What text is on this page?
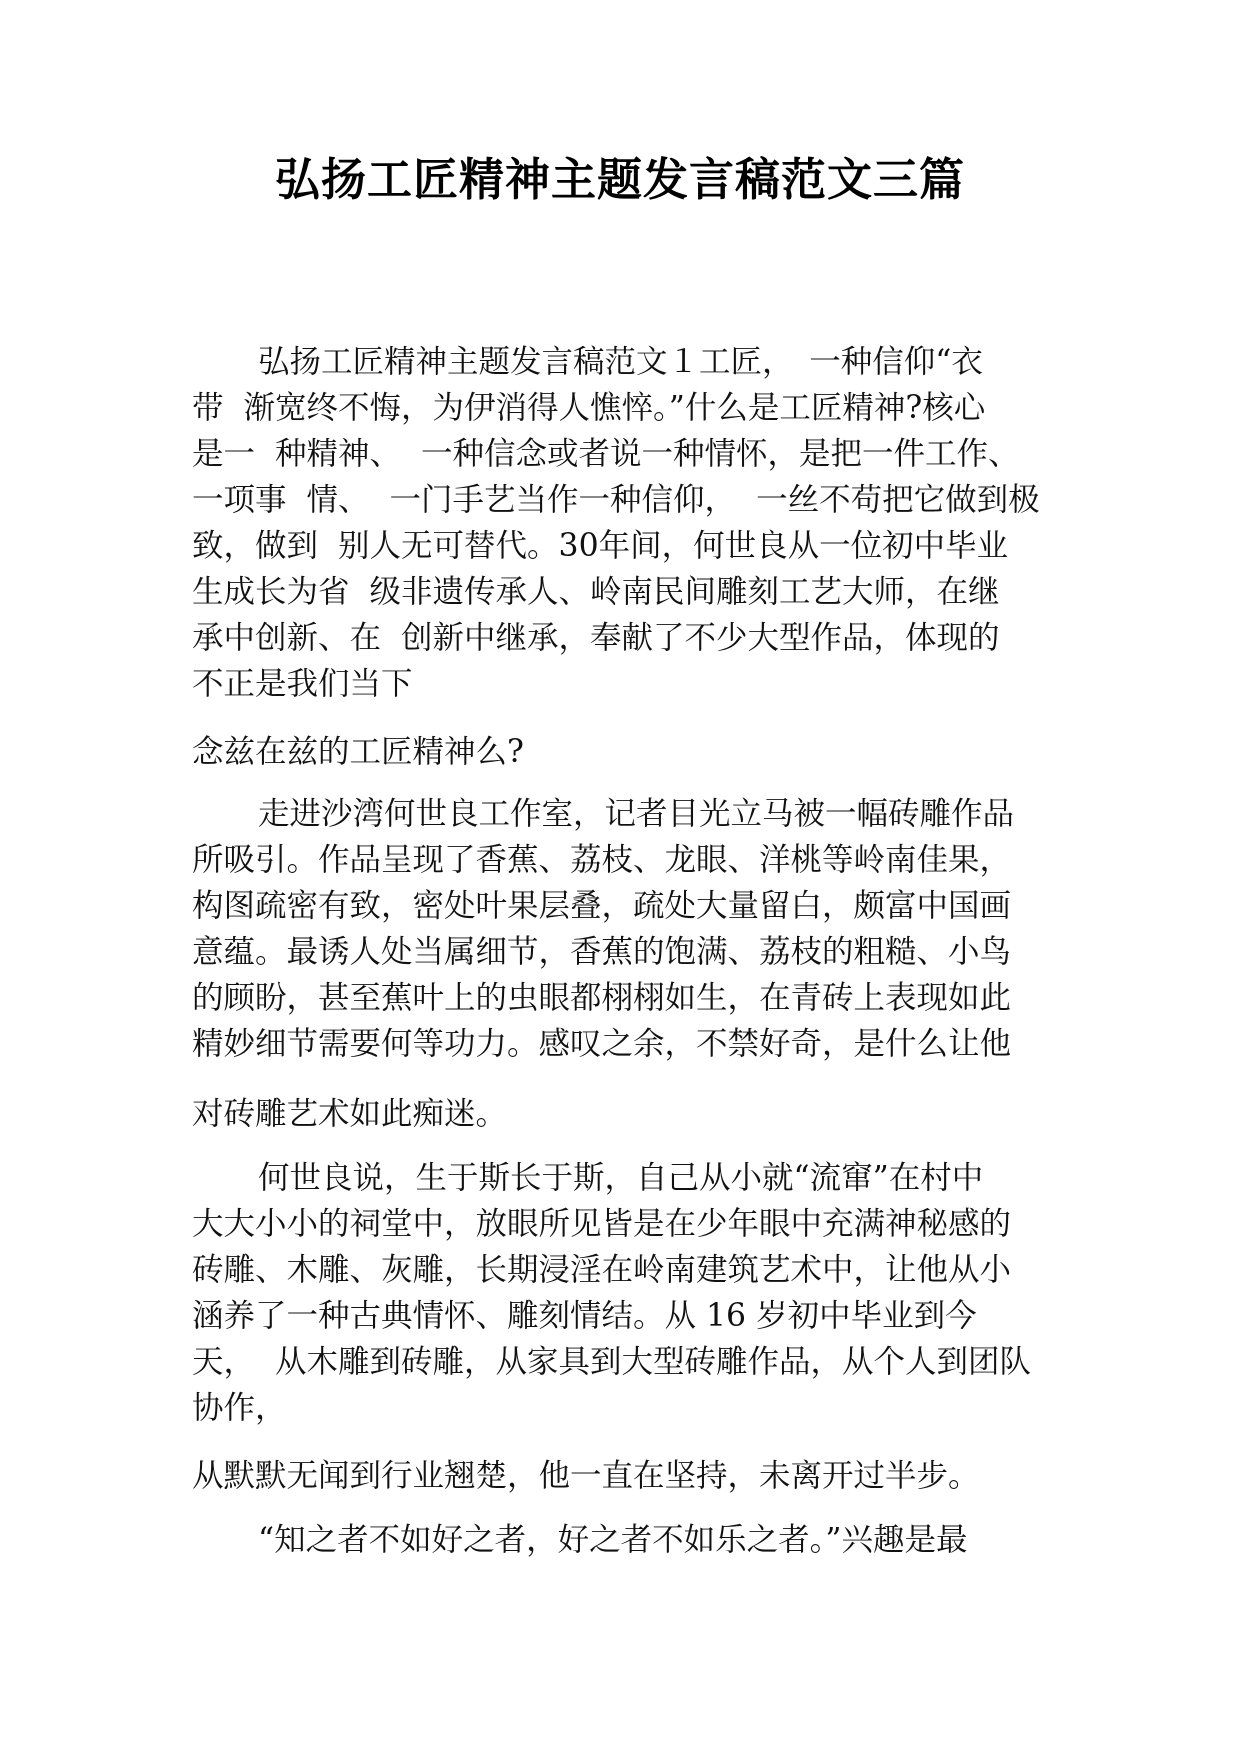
弘扬工匠精神主题发言稿范文三篇

弘扬工匠精神主题发言稿范文１工匠，　一种信仰“衣

带  渐宽终不悔，为伊消得人憔悴。”什么是工匠精神?核心

是一  种精神、  一种信念或者说一种情怀，是把一件工作、

一项事  情、  一门手艺当作一种信仰，  一丝不苟把它做到极

致，做到  别人无可替代。30年间，何世良从一位初中毕业

生成长为省  级非遗传承人、岭南民间雕刻工艺大师，在继

承中创新、在  创新中继承，奉献了不少大型作品，体现的

不正是我们当下

念兹在兹的工匠精神么?

走进沙湾何世良工作室，记者目光立马被一幅砖雕作品

所吸引。作品呈现了香蕉、荔枝、龙眼、洋桃等岭南佳果，

构图疏密有致，密处叶果层叠，疏处大量留白，颇富中国画

意蕴。最诱人处当属细节，香蕉的饱满、荔枝的粗糙、小鸟

的顾盼，甚至蕉叶上的虫眼都栩栩如生，在青砖上表现如此

精妙细节需要何等功力。感叹之余，不禁好奇，是什么让他

对砖雕艺术如此痴迷。

何世良说，生于斯长于斯，自己从小就“流窜”在村中

大大小小的祠堂中，放眼所见皆是在少年眼中充满神秘感的

砖雕、木雕、灰雕，长期浸淫在岭南建筑艺术中，让他从小

涵养了一种古典情怀、雕刻情结。从 16 岁初中毕业到今

天，  从木雕到砖雕，从家具到大型砖雕作品，从个人到团队

协作，

从默默无闻到行业翘楚，他一直在坚持，未离开过半步。

“知之者不如好之者，好之者不如乐之者。”兴趣是最
